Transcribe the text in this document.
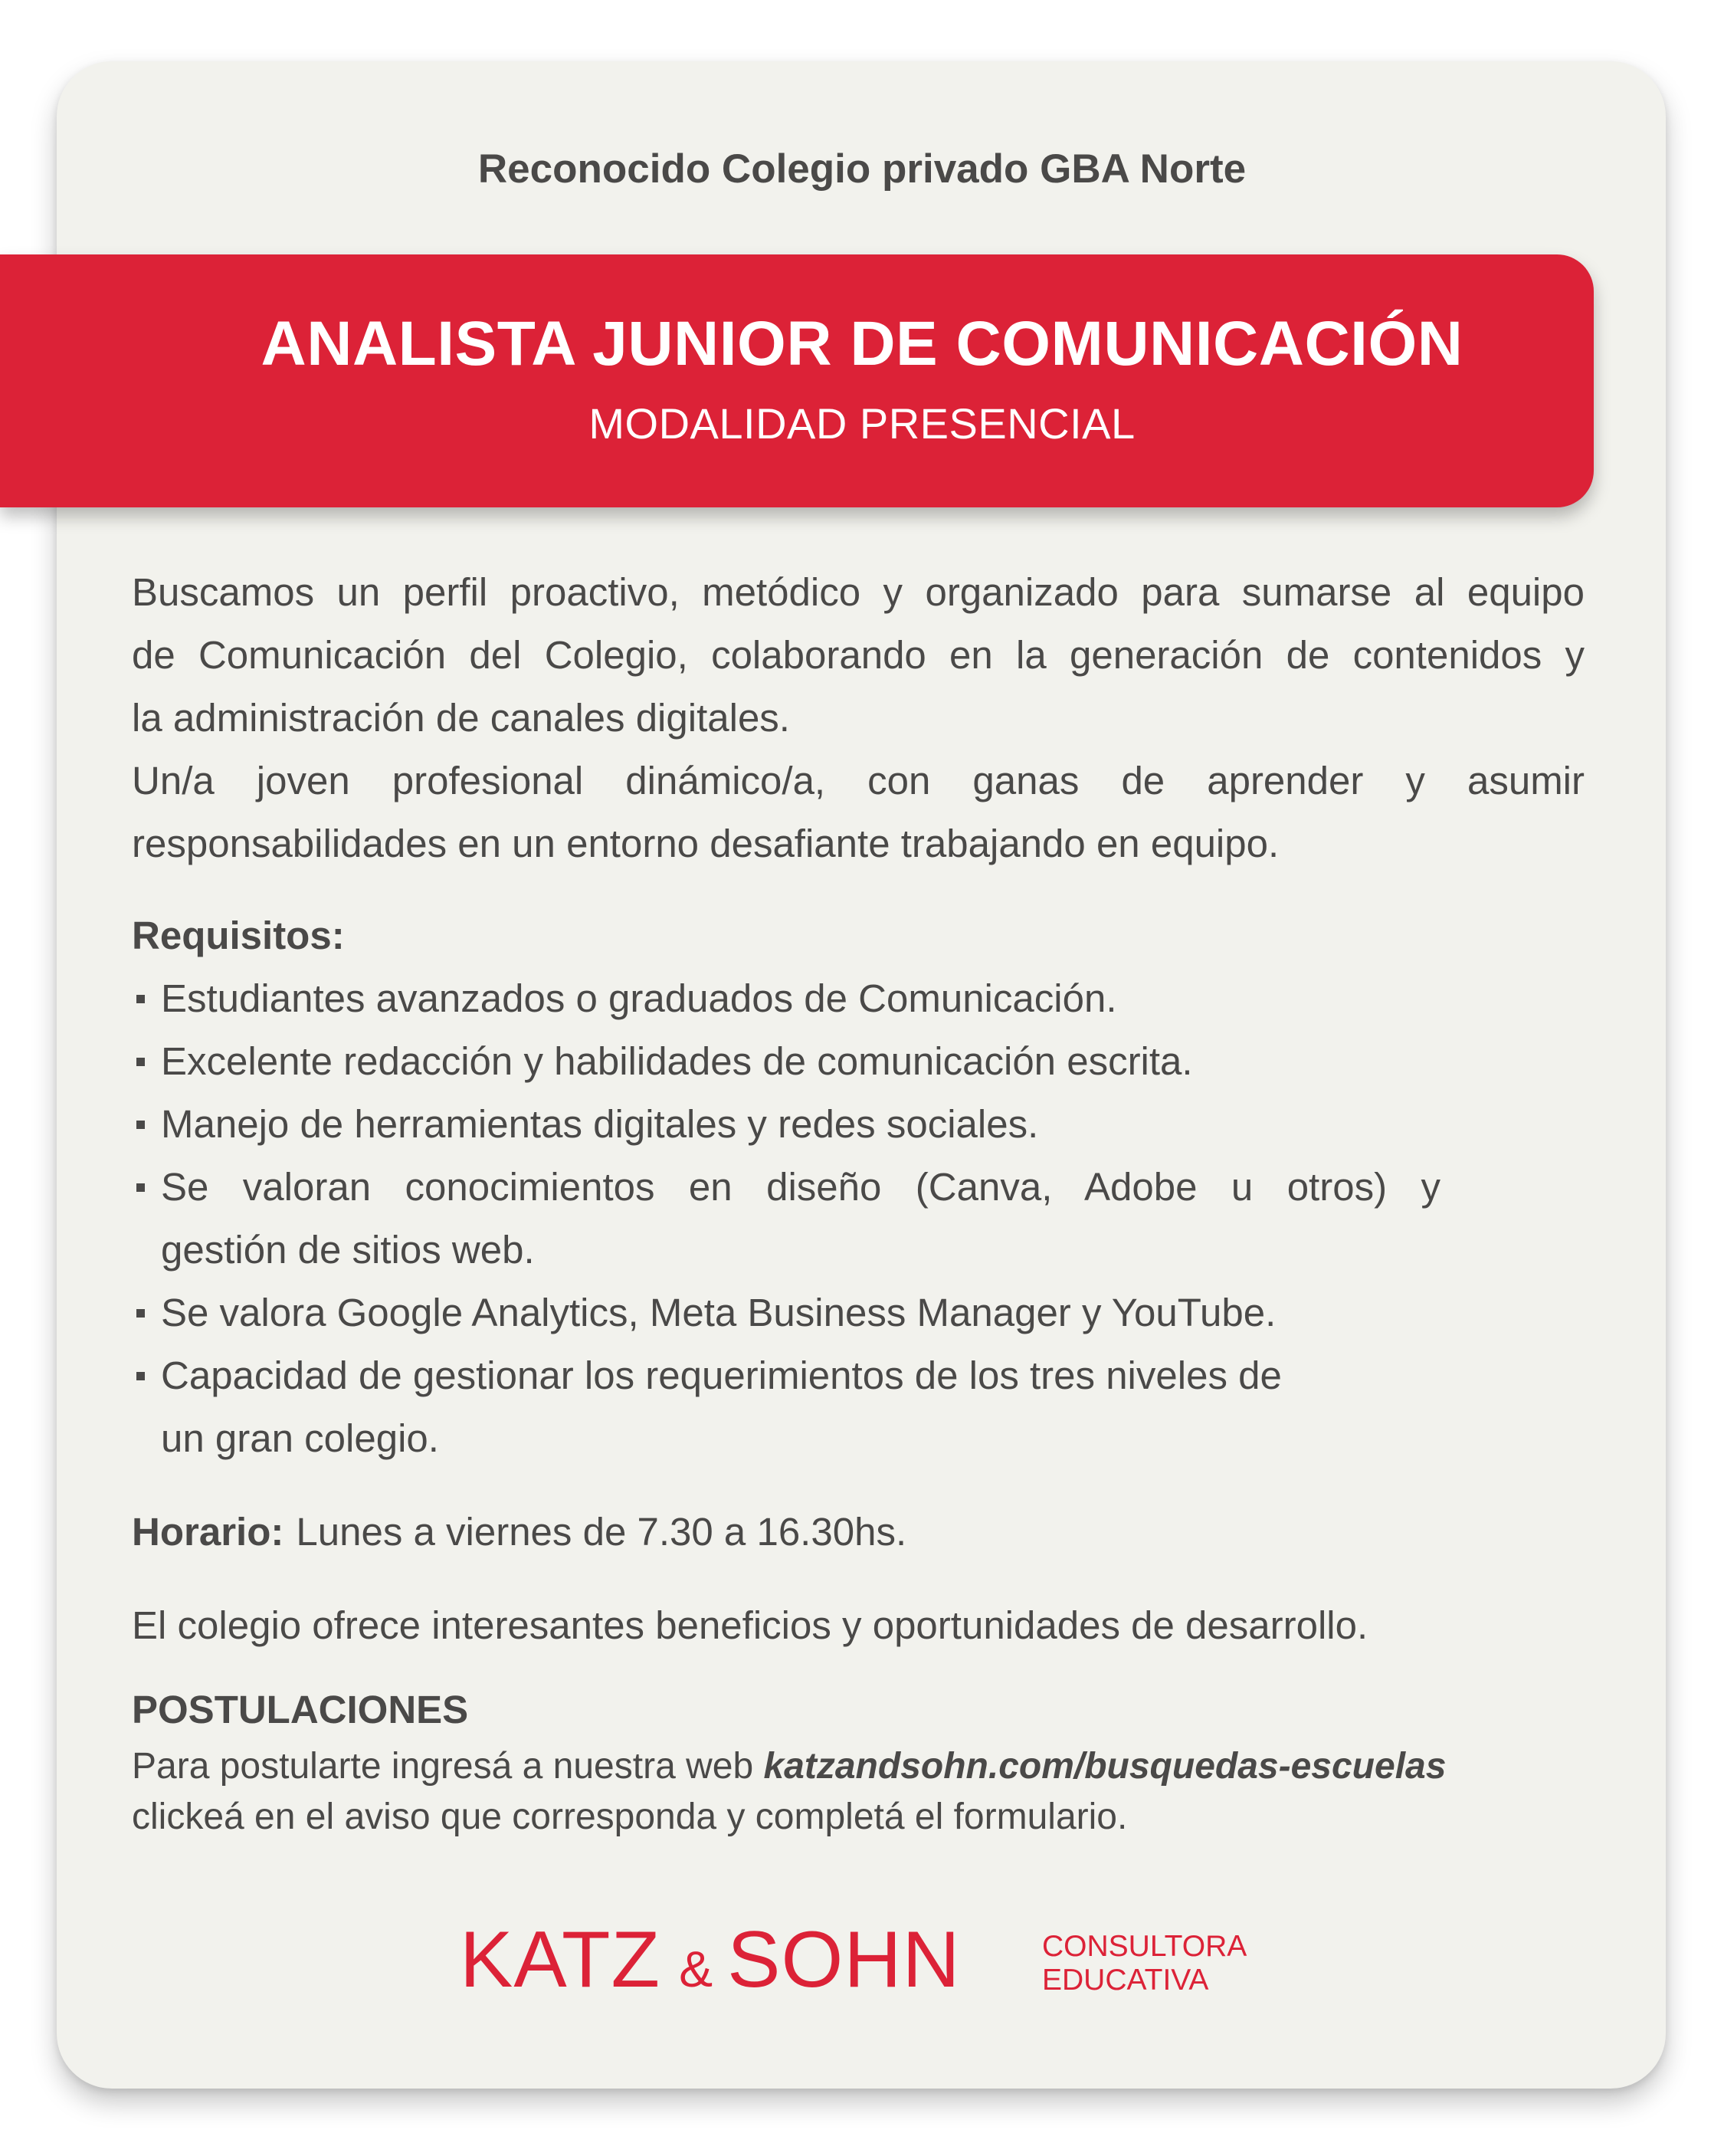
Reconocido Colegio privado GBA Norte
ANALISTA JUNIOR DE COMUNICACIÓN
MODALIDAD PRESENCIAL
Buscamos un perfil proactivo, metódico y organizado para sumarse al equipo
de Comunicación del Colegio, colaborando en la generación de contenidos y
la administración de canales digitales.
Un/a joven profesional dinámico/a, con ganas de aprender y asumir
responsabilidades en un entorno desafiante trabajando en equipo.
Requisitos:
Estudiantes avanzados o graduados de Comunicación.
Excelente redacción y habilidades de comunicación escrita.
Manejo de herramientas digitales y redes sociales.
Se valoran conocimientos en diseño (Canva, Adobe u otros) y
gestión de sitios web.
Se valora Google Analytics, Meta Business Manager y YouTube.
Capacidad de gestionar los requerimientos de los tres niveles de
un gran colegio.
Horario: Lunes a viernes de 7.30 a 16.30hs.
El colegio ofrece interesantes beneficios y oportunidades de desarrollo.
POSTULACIONES
Para postularte ingresá a nuestra web katzandsohn.com/busquedas-escuelas
clickeá en el aviso que corresponda y completá el formulario.
KATZ & SOHN	CONSULTORA
EDUCATIVA
